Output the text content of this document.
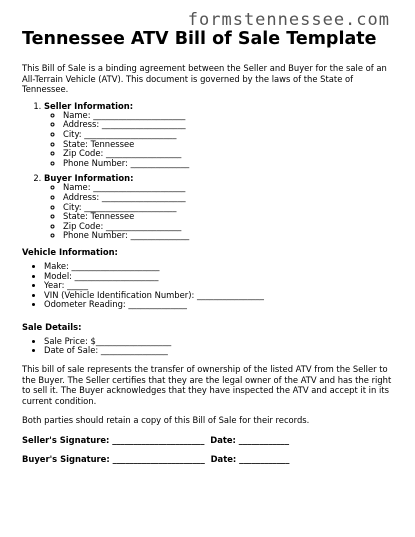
formstennessee.com
Tennessee ATV Bill of Sale Template

This Bill of Sale is a binding agreement between the Seller and Buyer for the sale of an All-Terrain Vehicle (ATV). This document is governed by the laws of the State of Tennessee.

1. Seller Information:
◦ Name: ______________________
◦ Address: ____________________
◦ City: ______________________
◦ State: Tennessee
◦ Zip Code: __________________
◦ Phone Number: ______________
2. Buyer Information:
◦ Name: ______________________
◦ Address: ____________________
◦ City: ______________________
◦ State: Tennessee
◦ Zip Code: __________________
◦ Phone Number: ______________
Vehicle Information:
• Make: _____________________
• Model: ____________________
• Year: _____
• VIN (Vehicle Identification Number): ________________
• Odometer Reading: ______________
Sale Details:
• Sale Price: $__________________
• Date of Sale: ________________

This bill of sale represents the transfer of ownership of the listed ATV from the Seller to the Buyer. The Seller certifies that they are the legal owner of the ATV and has the right to sell it. The Buyer acknowledges that they have inspected the ATV and accept it in its current condition.

Both parties should retain a copy of this Bill of Sale for their records.

Seller's Signature: ______________________  Date: ____________
Buyer's Signature: ______________________  Date: ____________
